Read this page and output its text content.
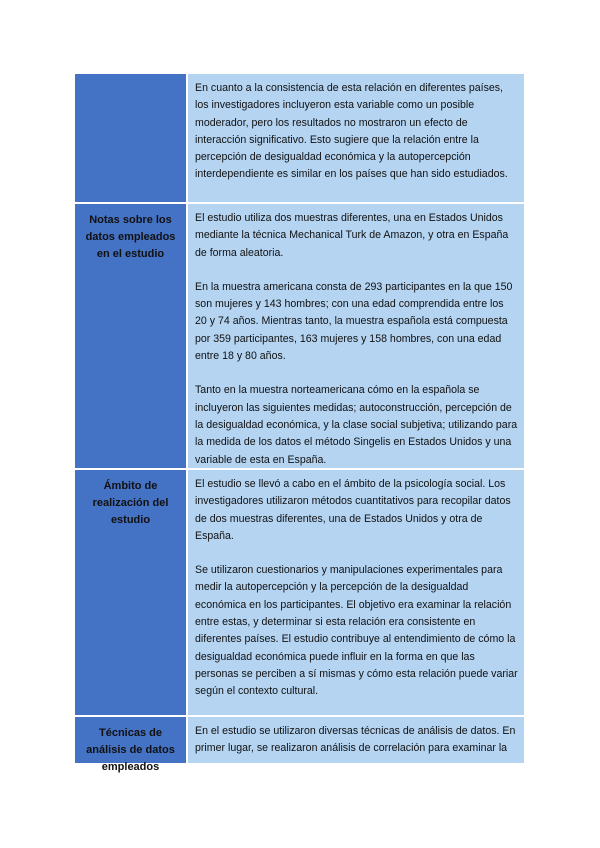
En cuanto a la consistencia de esta relación en diferentes países, los investigadores incluyeron esta variable como un posible moderador, pero los resultados no mostraron un efecto de interacción significativo. Esto sugiere que la relación entre la percepción de desigualdad económica y la autopercepción interdependiente es similar en los países que han sido estudiados.

Notas sobre los datos empleados en el estudio

El estudio utiliza dos muestras diferentes, una en Estados Unidos mediante la técnica Mechanical Turk de Amazon, y otra en España de forma aleatoria.

En la muestra americana consta de 293 participantes en la que 150 son mujeres y 143 hombres; con una edad comprendida entre los 20 y 74 años. Mientras tanto, la muestra española está compuesta por 359 participantes, 163 mujeres y 158 hombres, con una edad entre 18 y 80 años.

Tanto en la muestra norteamericana cómo en la española se incluyeron las siguientes medidas; autoconstrucción, percepción de la desigualdad económica, y la clase social subjetiva; utilizando para la medida de los datos el método Singelis en Estados Unidos y una variable de esta en España.

Ámbito de realización del estudio

El estudio se llevó a cabo en el ámbito de la psicología social. Los investigadores utilizaron métodos cuantitativos para recopilar datos de dos muestras diferentes, una de Estados Unidos y otra de España.

Se utilizaron cuestionarios y manipulaciones experimentales para medir la autopercepción y la percepción de la desigualdad económica en los participantes. El objetivo era examinar la relación entre estas, y determinar si esta relación era consistente en diferentes países. El estudio contribuye al entendimiento de cómo la desigualdad económica puede influir en la forma en que las personas se perciben a sí mismas y cómo esta relación puede variar según el contexto cultural.

Técnicas de análisis de datos empleados

En el estudio se utilizaron diversas técnicas de análisis de datos. En primer lugar, se realizaron análisis de correlación para examinar la
